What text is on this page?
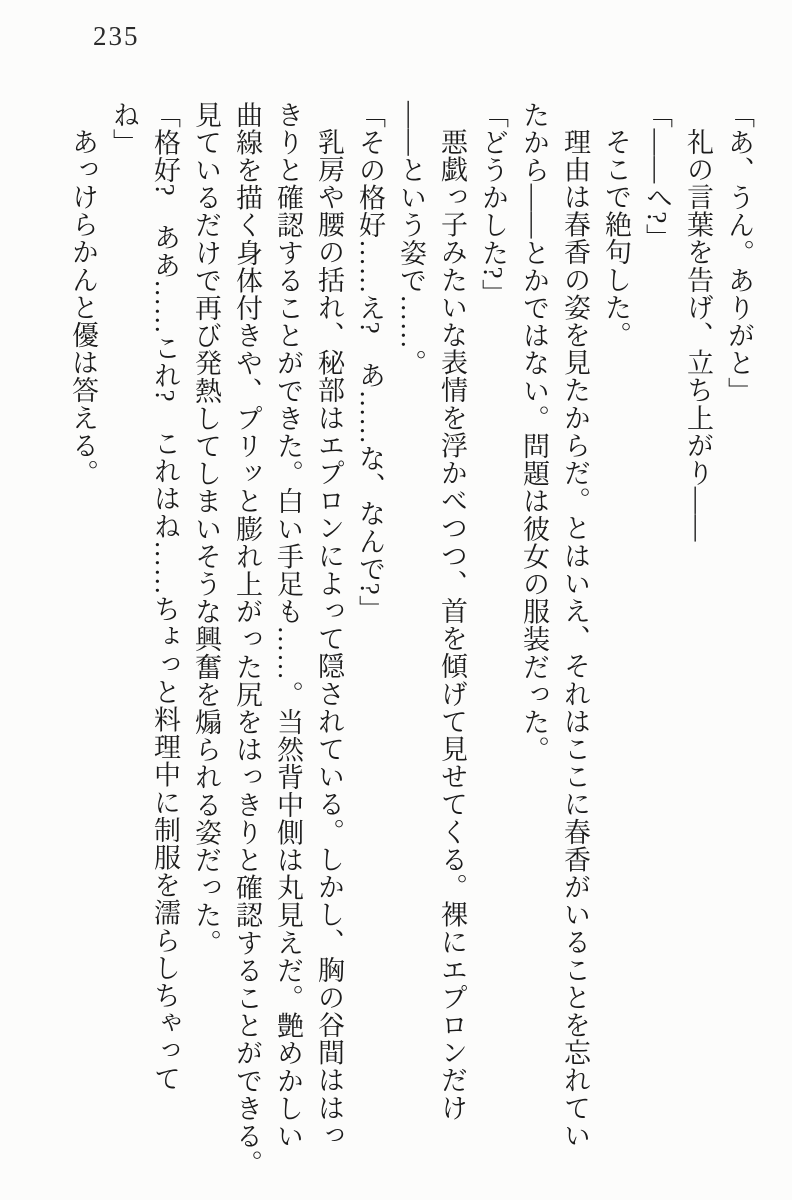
235

「あ、うん。ありがと」

礼の言葉を告げ、立ち上がり――

「――へ?」

そこで絶句した。

理由は春香の姿を見たからだ。とはいえ、それはここに春香がいることを忘れてい

たから――とかではない。問題は彼女の服装だった。

「どうかした?」

悪戯っ子みたいな表情を浮かべつつ、首を傾げて見せてくる。裸にエプロンだけ

――という姿で……。

「その格好……え?　あ……な、なんで?」

乳房や腰の括れ、秘部はエプロンによって隠されている。しかし、胸の谷間ははっ

きりと確認することができた。白い手足も……。当然背中側は丸見えだ。艶めかしい

曲線を描く身体付きや、プリッと膨れ上がった尻をはっきりと確認することができる。

見ているだけで再び発熱してしまいそうな興奮を煽られる姿だった。

「格好?　ああ……これ?　これはね……ちょっと料理中に制服を濡らしちゃって

ね」

あっけらかんと優は答える。
